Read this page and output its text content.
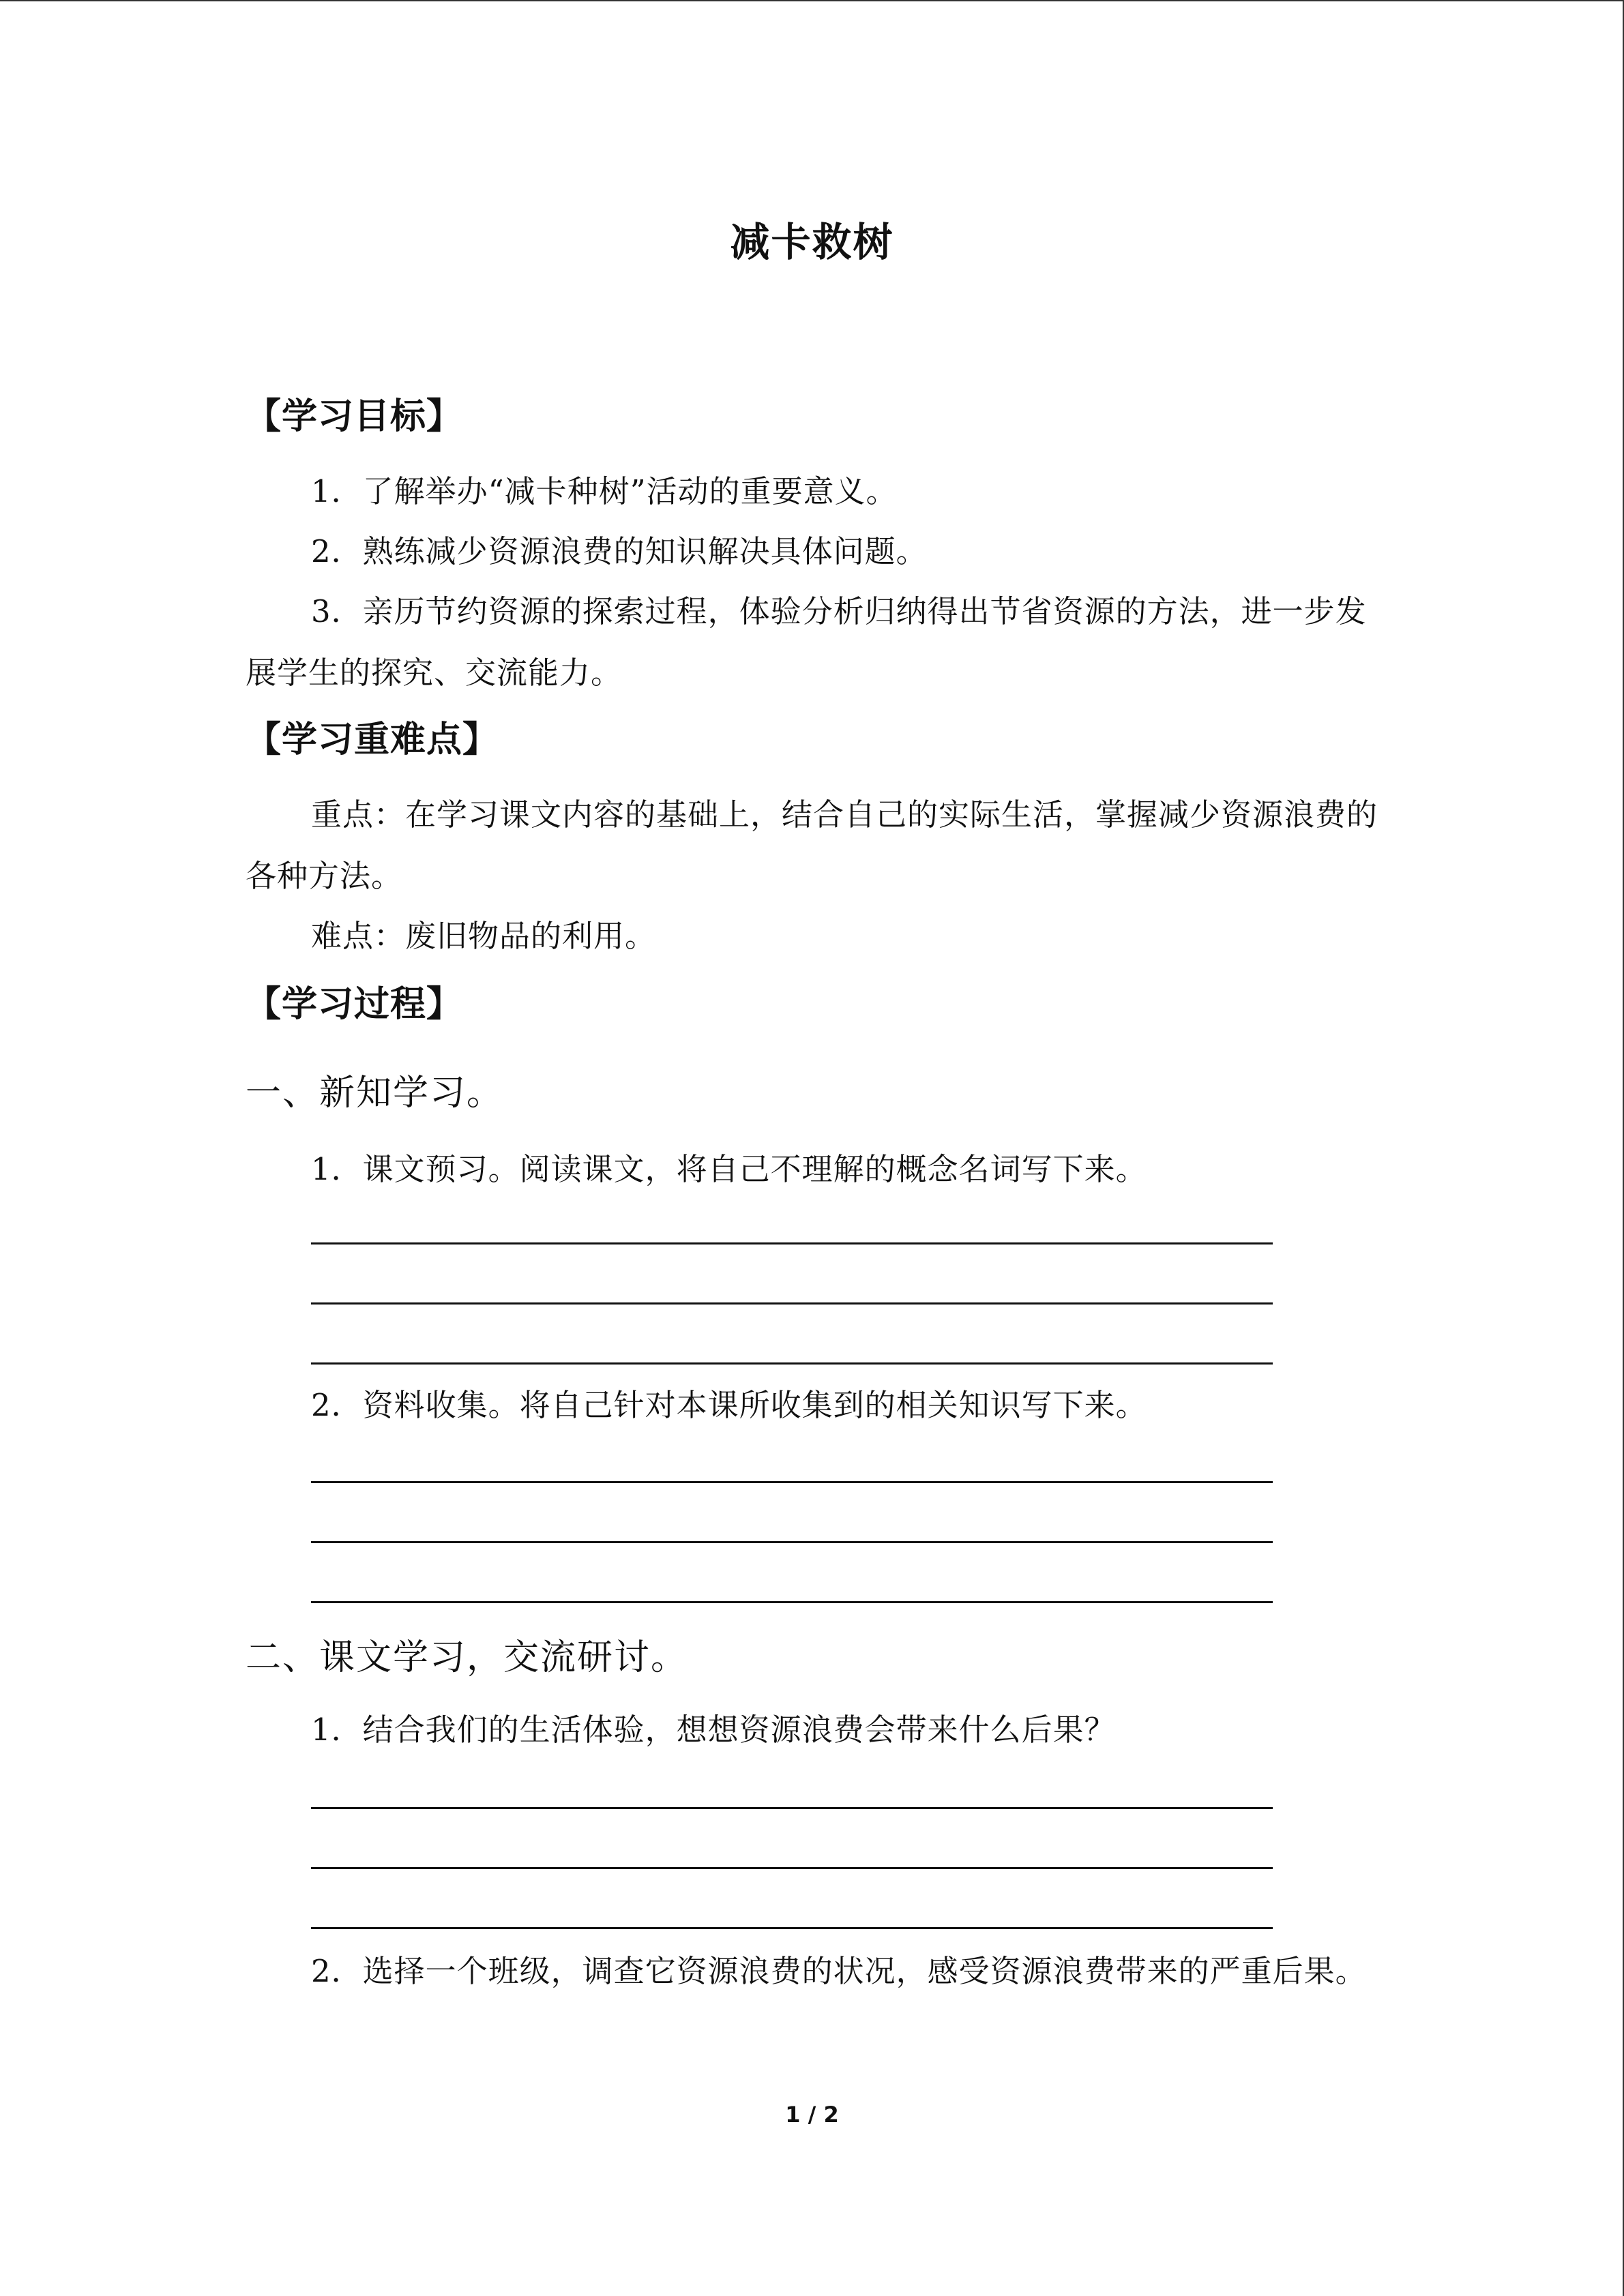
减卡救树
【学习目标】
1．了解举办“减卡种树”活动的重要意义。
2．熟练减少资源浪费的知识解决具体问题。
3．亲历节约资源的探索过程，体验分析归纳得出节省资源的方法，进一步发展学生的探究、交流能力。
【学习重难点】
重点：在学习课文内容的基础上，结合自己的实际生活，掌握减少资源浪费的各种方法。
难点：废旧物品的利用。
【学习过程】
一、新知学习。
1．课文预习。阅读课文，将自己不理解的概念名词写下来。
2．资料收集。将自己针对本课所收集到的相关知识写下来。
二、课文学习，交流研讨。
1．结合我们的生活体验，想想资源浪费会带来什么后果？
2．选择一个班级，调查它资源浪费的状况，感受资源浪费带来的严重后果。
1 / 2
